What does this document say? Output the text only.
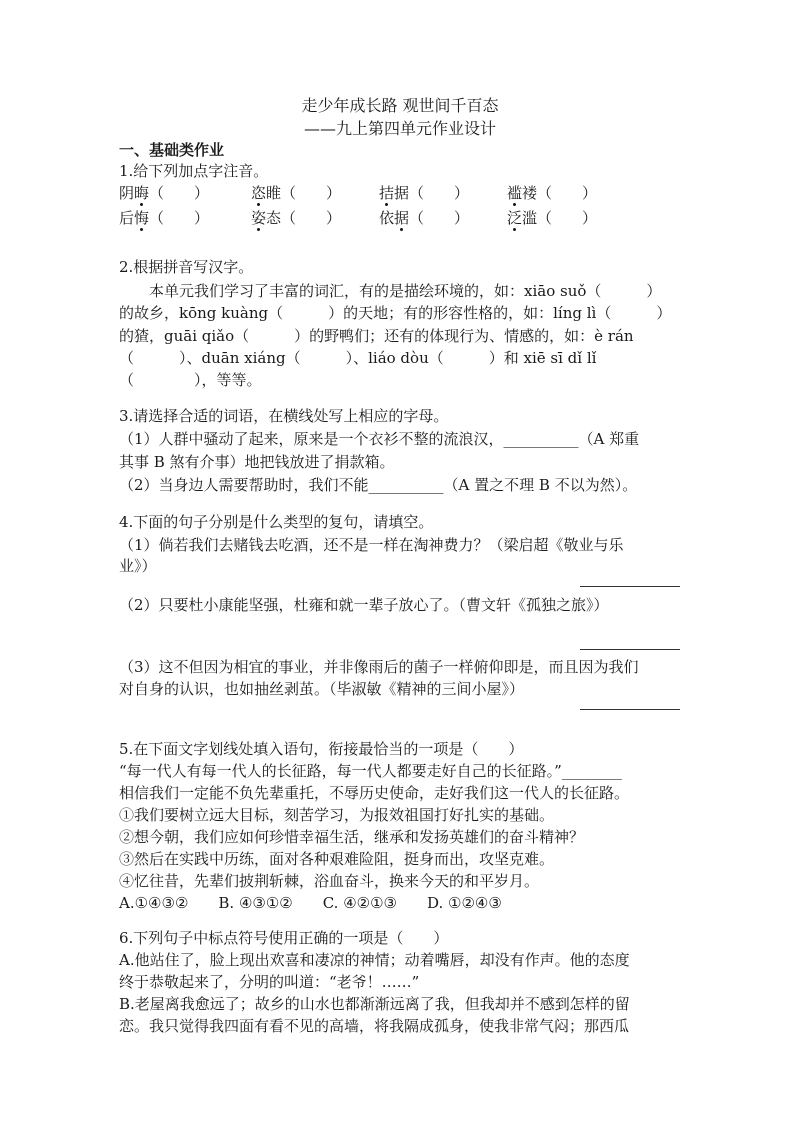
走少年成长路 观世间千百态
——九上第四单元作业设计
一、基础类作业
1.给下列加点字注音。
阴晦（　　）	恣睢（　　）	拮据（　　）	褴褛（　　）
后悔（　　）	姿态（　　）	依据（　　）	泛滥（　　）
2.根据拼音写汉字。
　　本单元我们学习了丰富的词汇，有的是描绘环境的，如：xiāo suǒ（　　　）
的故乡，kōng kuàng（　　　）的天地；有的形容性格的，如：líng lì（　　　）
的猹，guāi qiǎo（　　　）的野鸭们；还有的体现行为、情感的，如：è rán
（　　　）、duān xiáng（　　　）、liáo dòu（　　　）和 xiē sī dǐ lǐ
（　　　　），等等。
3.请选择合适的词语，在横线处写上相应的字母。
（1）人群中骚动了起来，原来是一个衣衫不整的流浪汉，__________（A 郑重
其事 B 煞有介事）地把钱放进了捐款箱。
（2）当身边人需要帮助时，我们不能__________（A 置之不理 B 不以为然）。
4.下面的句子分别是什么类型的复句，请填空。
（1）倘若我们去赌钱去吃酒，还不是一样在淘神费力？（梁启超《敬业与乐
业》）
（2）只要杜小康能坚强，杜雍和就一辈子放心了。（曹文轩《孤独之旅》）
（3）这不但因为相宜的事业，并非像雨后的菌子一样俯仰即是，而且因为我们
对自身的认识，也如抽丝剥茧。（毕淑敏《精神的三间小屋》）
5.在下面文字划线处填入语句，衔接最恰当的一项是（　　）
“每一代人有每一代人的长征路，每一代人都要走好自己的长征路。”________
相信我们一定能不负先辈重托，不辱历史使命，走好我们这一代人的长征路。
①我们要树立远大目标，刻苦学习，为报效祖国打好扎实的基础。
②想今朝，我们应如何珍惜幸福生活，继承和发扬英雄们的奋斗精神？
③然后在实践中历练，面对各种艰难险阻，挺身而出，攻坚克难。
④忆往昔，先辈们披荆斩棘，浴血奋斗，换来今天的和平岁月。
A.①④③②　　B. ④③①②　　C. ④②①③　　D. ①②④③
6.下列句子中标点符号使用正确的一项是（　　）
A.他站住了，脸上现出欢喜和凄凉的神情；动着嘴唇，却没有作声。他的态度
终于恭敬起来了，分明的叫道：“老爷！……”
B.老屋离我愈远了；故乡的山水也都渐渐远离了我，但我却并不感到怎样的留
恋。我只觉得我四面有看不见的高墙，将我隔成孤身，使我非常气闷；那西瓜
